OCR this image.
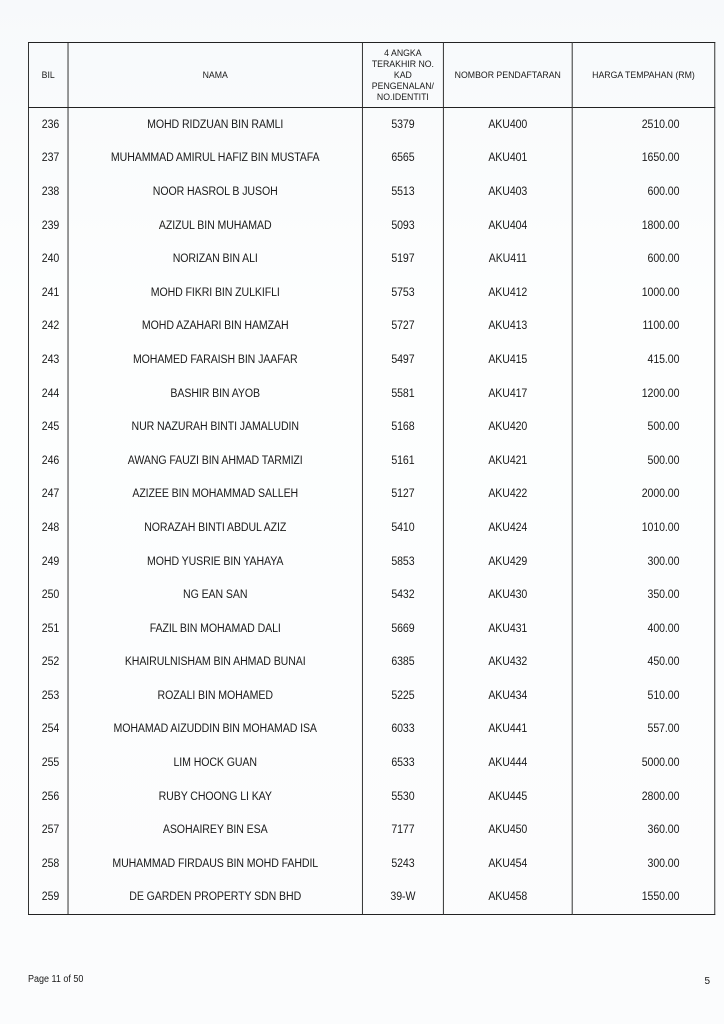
BIL	NAMA	4 ANGKA TERAKHIR NO. KAD PENGENALAN/ NO.IDENTITI	NOMBOR PENDAFTARAN	HARGA TEMPAHAN (RM)
236	MOHD RIDZUAN BIN RAMLI	5379	AKU400	2510.00
237	MUHAMMAD AMIRUL HAFIZ BIN MUSTAFA	6565	AKU401	1650.00
238	NOOR HASROL B JUSOH	5513	AKU403	600.00
239	AZIZUL BIN MUHAMAD	5093	AKU404	1800.00
240	NORIZAN BIN ALI	5197	AKU411	600.00
241	MOHD FIKRI BIN ZULKIFLI	5753	AKU412	1000.00
242	MOHD AZAHARI BIN HAMZAH	5727	AKU413	1100.00
243	MOHAMED FARAISH BIN JAAFAR	5497	AKU415	415.00
244	BASHIR BIN AYOB	5581	AKU417	1200.00
245	NUR NAZURAH BINTI JAMALUDIN	5168	AKU420	500.00
246	AWANG FAUZI BIN AHMAD TARMIZI	5161	AKU421	500.00
247	AZIZEE BIN MOHAMMAD SALLEH	5127	AKU422	2000.00
248	NORAZAH BINTI ABDUL AZIZ	5410	AKU424	1010.00
249	MOHD YUSRIE BIN YAHAYA	5853	AKU429	300.00
250	NG EAN SAN	5432	AKU430	350.00
251	FAZIL BIN MOHAMAD DALI	5669	AKU431	400.00
252	KHAIRULNISHAM BIN AHMAD BUNAI	6385	AKU432	450.00
253	ROZALI BIN MOHAMED	5225	AKU434	510.00
254	MOHAMAD AIZUDDIN BIN MOHAMAD ISA	6033	AKU441	557.00
255	LIM HOCK GUAN	6533	AKU444	5000.00
256	RUBY CHOONG LI KAY	5530	AKU445	2800.00
257	ASOHAIREY BIN ESA	7177	AKU450	360.00
258	MUHAMMAD FIRDAUS BIN MOHD FAHDIL	5243	AKU454	300.00
259	DE GARDEN PROPERTY SDN BHD	39-W	AKU458	1550.00
Page 11 of 50	5
